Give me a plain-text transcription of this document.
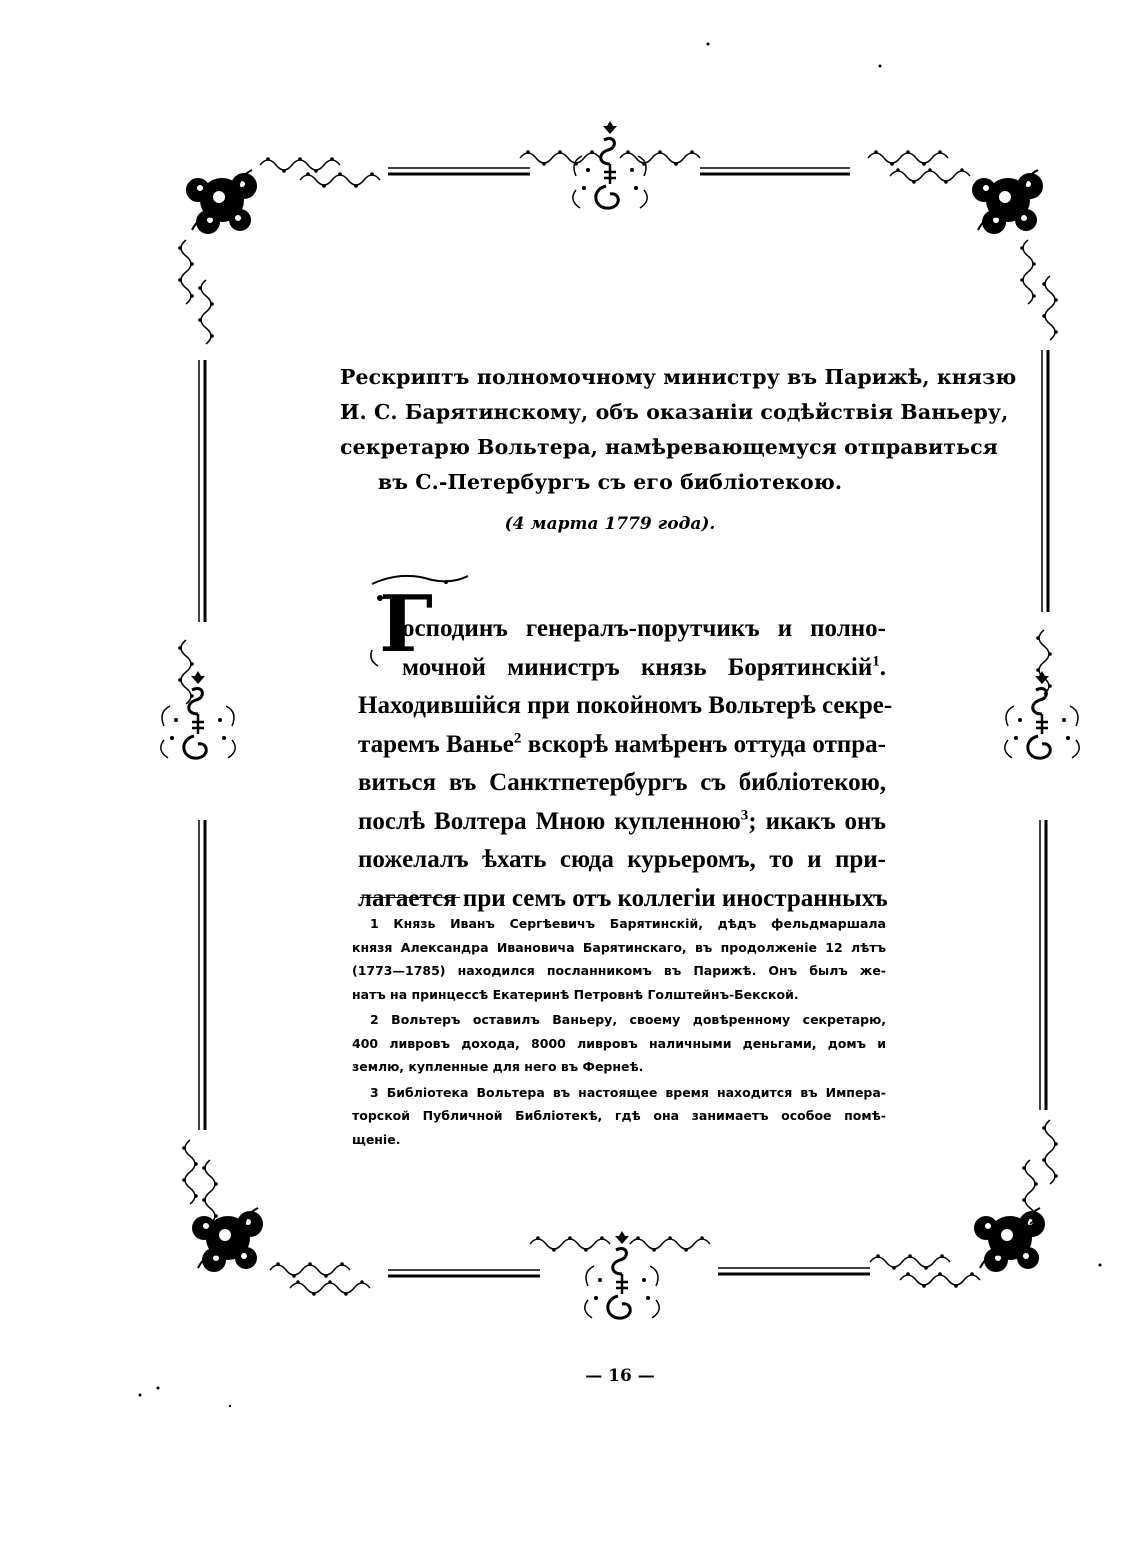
Рескриптъ полномочному министру въ Парижѣ, князю
И. С. Барятинскому, объ оказаніи содѣйствія Ваньеру,
секретарю Вольтера, намѣревающемуся отправиться
въ С.-Петербургъ съ его библіотекою.

(4 марта 1779 года).

Г
осподинъ генералъ-порутчикъ и полно-
мочной министръ князь Борятинскій$^1$.
Находившійся при покойномъ Вольтерѣ секре-
таремъ Ванье$^2$ вскорѣ намѣренъ оттуда отпра-
виться въ Санктпетербургъ съ библіотекою,
послѣ Волтера Мною купленною$^3$; икакъ онъ
пожелалъ ѣхать сюда курьеромъ, то и при-
лагается при семъ отъ коллегіи иностранныхъ
1 Князь Иванъ Сергѣевичъ Барятинскій, дѣдъ фельдмаршала
князя Александра Ивановича Барятинскаго, въ продолженіе 12 лѣтъ
(1773—1785) находился посланникомъ въ Парижѣ. Онъ былъ же-
натъ на принцессѣ Екатеринѣ Петровнѣ Голштейнъ-Бекской.
2 Вольтеръ оставилъ Ваньеру, своему довѣренному секретарю,
400 ливровъ дохода, 8000 ливровъ наличными деньгами, домъ и
землю, купленные для него въ Фернеѣ.
3 Библіотека Вольтера въ настоящее время находится въ Импера-
торской Публичной Библіотекѣ, гдѣ она занимаетъ особое помѣ-
щеніе.

— 16 —
